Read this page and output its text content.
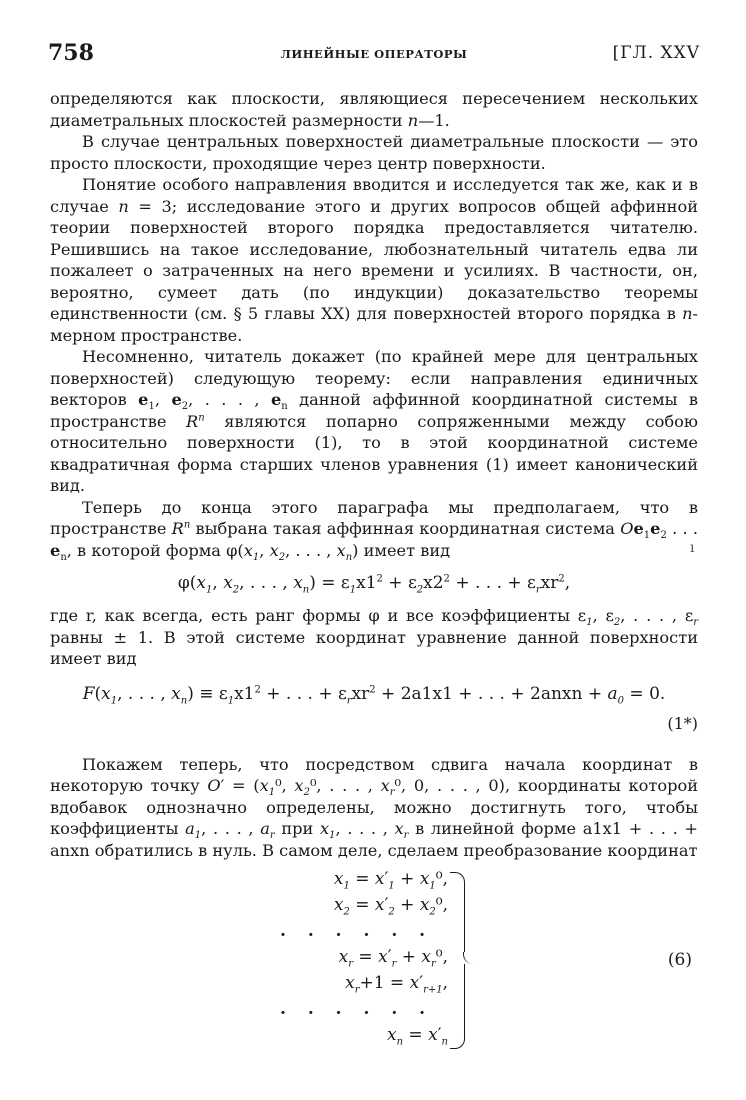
758	ЛИНЕЙНЫЕ ОПЕРАТОРЫ	[ГЛ. XXV

определяются как плоскости, являющиеся пересечением нескольких диаметральных плоскостей размерности n—1.

В случае центральных поверхностей диаметральные плоскости — это просто плоскости, проходящие через центр поверхности.

Понятие особого направления вводится и исследуется так же, как и в случае n = 3; исследование этого и других вопросов общей аффинной теории поверхностей второго порядка предоставляется читателю. Решившись на такое исследование, любознательный читатель едва ли пожалеет о затраченных на него времени и усилиях. В частности, он, вероятно, сумеет дать (по индукции) доказательство теоремы единственности (см. § 5 главы XX) для поверхностей второго порядка в n-мерном пространстве.

Несомненно, читатель докажет (по крайней мере для центральных поверхностей) следующую теорему: если направления единичных векторов $e_1$, $e_2$, . . . , $e_n$ данной аффинной координатной системы в пространстве $R^n$ являются попарно сопряженными между собою относительно поверхности (1), то в этой координатной системе квадратичная форма старших членов уравнения (1) имеет канонический вид.

Теперь до конца этого параграфа мы предполагаем, что в пространстве $R^n$ выбрана такая аффинная координатная система $Oe_1e_2$ . . . $e_n$, в которой форма $\varphi(x_1$, $x_2$, . . . , $x_n$) имеет вид

$\varphi(x_1$, $x_2$, . . . , $x_n) = \varepsilon_1x1^2 + \varepsilon_2x2^2$ + . . . + $\varepsilon_rxr^2$,

где r, как всегда, есть ранг формы φ и все коэффициенты $\varepsilon_1$, $\varepsilon_2$, . . . , $\varepsilon_r$ равны ± 1. В этой системе координат уравнение данной поверхности имеет вид

$F(x_1$, . . . , $x_n) \equiv \varepsilon_1x1^2$ + . . . + $\varepsilon_rxr^2 + 2a1x1$ + . . . + 2anxn + $a_0 = 0$.
(1*)

Покажем теперь, что посредством сдвига начала координат в некоторую точку $O' = (x_1^0$, $x_2^0$, . . . , $x_r^0$, 0, . . . , 0), координаты которой вдобавок однозначно определены, можно достигнуть того, чтобы коэффициенты $a_1$, . . . , $a_r$ при $x_1$, . . . , $x_r$ в линейной форме a1x1 + . . . + anxn обратились в нуль. В самом деле, сделаем преобразование координат

$x_1 = x'_1 + x_1^0$,
$x_2 = x'_2 + x_2^0$,
. . . . . .
$x_r = x'_r + x_r^0$,
$x_r+1 = x'_{r+1}$,
. . . . . .
$x_n = x'_n$
(6)
ı
